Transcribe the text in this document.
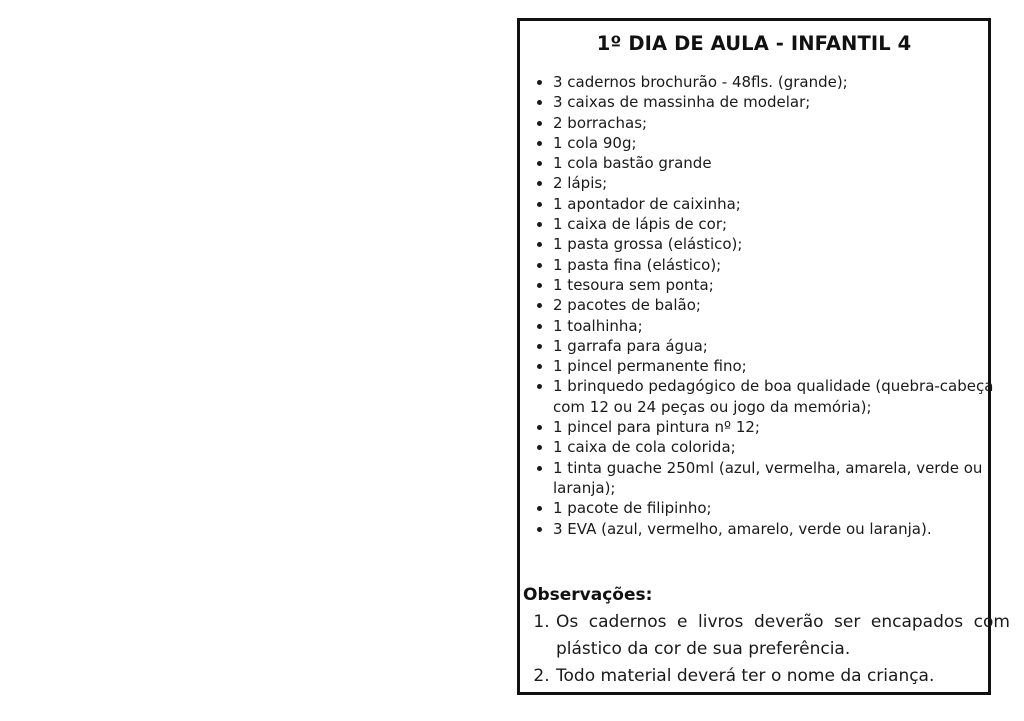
1º DIA DE AULA - INFANTIL 4
• 3 cadernos brochurão - 48fls. (grande);
• 3 caixas de massinha de modelar;
• 2 borrachas;
• 1 cola 90g;
• 1 cola bastão grande
• 2 lápis;
• 1 apontador de caixinha;
• 1 caixa de lápis de cor;
• 1 pasta grossa (elástico);
• 1 pasta fina (elástico);
• 1 tesoura sem ponta;
• 2 pacotes de balão;
• 1 toalhinha;
• 1 garrafa para água;
• 1 pincel permanente fino;
• 1 brinquedo pedagógico de boa qualidade (quebra-cabeça com 12 ou 24 peças ou jogo da memória);
• 1 pincel para pintura nº 12;
• 1 caixa de cola colorida;
• 1 tinta guache 250ml (azul, vermelha, amarela, verde ou laranja);
• 1 pacote de filipinho;
• 3 EVA (azul, vermelho, amarelo, verde ou laranja).
Observações:
1. Os cadernos e livros deverão ser encapados com plástico da cor de sua preferência.
2. Todo material deverá ter o nome da criança.
